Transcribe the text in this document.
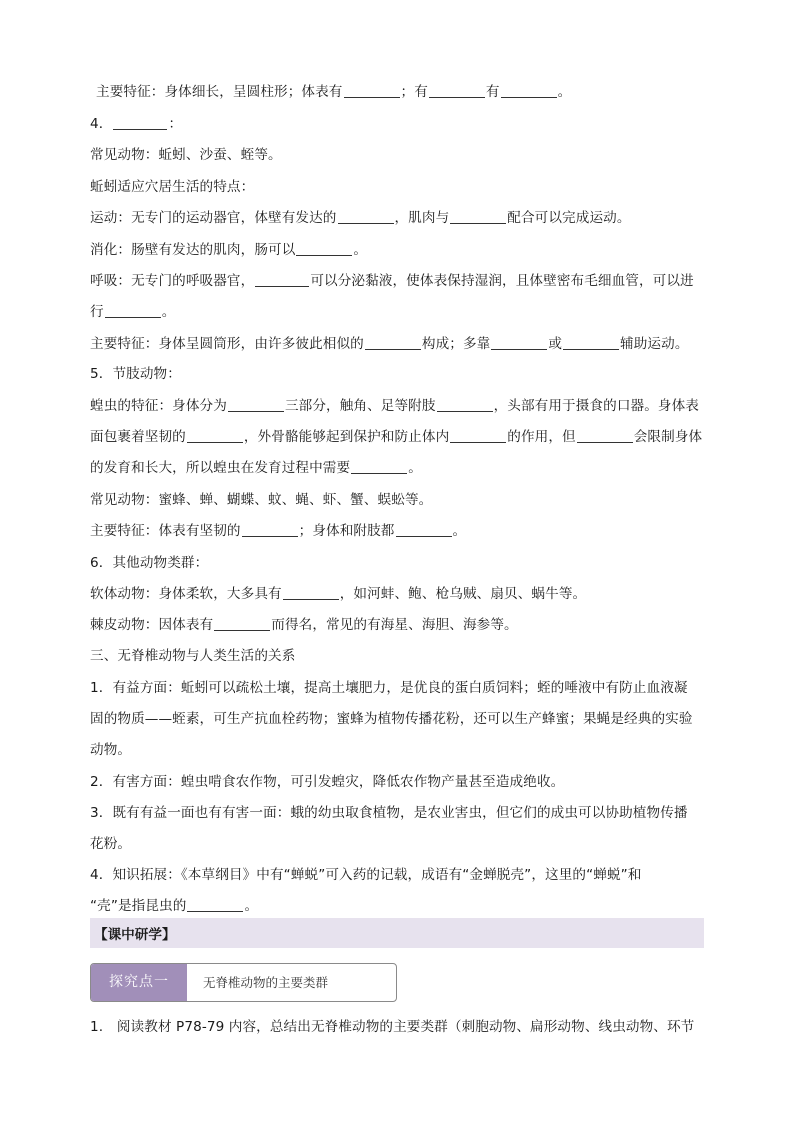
主要特征：身体细长，呈圆柱形；体表有	；有	有	。
4．	：
常见动物：蚯蚓、沙蚕、蛭等。
蚯蚓适应穴居生活的特点：
运动：无专门的运动器官，体壁有发达的	，肌肉与	配合可以完成运动。
消化：肠壁有发达的肌肉，肠可以	。
呼吸：无专门的呼吸器官，	可以分泌黏液，使体表保持湿润，且体壁密布毛细血管，可以进
行	。
主要特征：身体呈圆筒形，由许多彼此相似的	构成；多靠	或	辅助运动。
5．节肢动物：
蝗虫的特征：身体分为	三部分，触角、足等附肢	，头部有用于摄食的口器。身体表
面包裹着坚韧的	，外骨骼能够起到保护和防止体内	的作用，但	会限制身体
的发育和长大，所以蝗虫在发育过程中需要	。
常见动物：蜜蜂、蝉、蝴蝶、蚊、蝇、虾、蟹、蜈蚣等。
主要特征：体表有坚韧的	；身体和附肢都	。
6．其他动物类群：
软体动物：身体柔软，大多具有	，如河蚌、鲍、枪乌贼、扇贝、蜗牛等。
棘皮动物：因体表有	而得名，常见的有海星、海胆、海参等。
三、无脊椎动物与人类生活的关系
1．有益方面：蚯蚓可以疏松土壤，提高土壤肥力，是优良的蛋白质饲料；蛭的唾液中有防止血液凝
固的物质——蛭素，可生产抗血栓药物；蜜蜂为植物传播花粉，还可以生产蜂蜜；果蝇是经典的实验
动物。
2．有害方面：蝗虫啃食农作物，可引发蝗灾，降低农作物产量甚至造成绝收。
3．既有有益一面也有有害一面：蛾的幼虫取食植物，是农业害虫，但它们的成虫可以协助植物传播
花粉。
4．知识拓展：《本草纲目》中有“蝉蜕”可入药的记载，成语有“金蝉脱壳”，这里的“蝉蜕”和
“壳”是指昆虫的	。
【课中研学】
探究点一	无脊椎动物的主要类群
1.　阅读教材 P78-79 内容，总结出无脊椎动物的主要类群（刺胞动物、扁形动物、线虫动物、环节
